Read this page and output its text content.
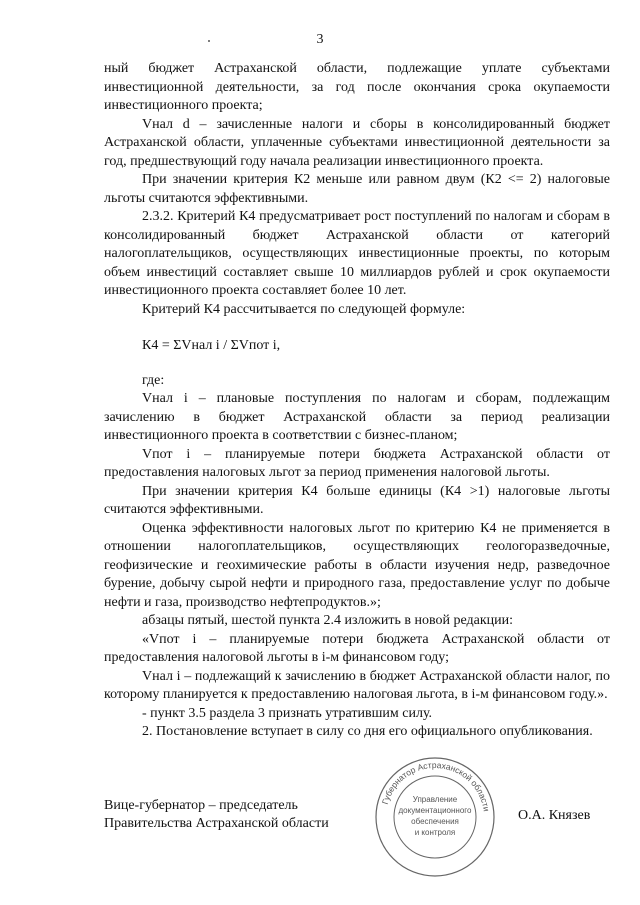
3

ный бюджет Астраханской области, подлежащие уплате субъектами инвестиционной деятельности, за год после окончания срока окупаемости инвестиционного проекта;

Vнал d – зачисленные налоги и сборы в консолидированный бюджет Астраханской области, уплаченные субъектами инвестиционной деятельности за год, предшествующий году начала реализации инвестиционного проекта.

При значении критерия К2 меньше или равном двум (К2 <= 2) налоговые льготы считаются эффективными.

2.3.2. Критерий К4 предусматривает рост поступлений по налогам и сборам в консолидированный бюджет Астраханской области от категорий налогоплательщиков, осуществляющих инвестиционные проекты, по которым объем инвестиций составляет свыше 10 миллиардов рублей и срок окупаемости инвестиционного проекта составляет более 10 лет.

Критерий К4 рассчитывается по следующей формуле:

К4 = ΣVнал i / ΣVпот i,

где:

Vнал i – плановые поступления по налогам и сборам, подлежащим зачислению в бюджет Астраханской области за период реализации инвестиционного проекта в соответствии с бизнес-планом;

Vпот i – планируемые потери бюджета Астраханской области от предоставления налоговых льгот за период применения налоговой льготы.

При значении критерия К4 больше единицы (К4 >1) налоговые льготы считаются эффективными.

Оценка эффективности налоговых льгот по критерию К4 не применяется в отношении налогоплательщиков, осуществляющих геологоразведочные, геофизические и геохимические работы в области изучения недр, разведочное бурение, добычу сырой нефти и природного газа, предоставление услуг по добыче нефти и газа, производство нефтепродуктов.»;

абзацы пятый, шестой пункта 2.4 изложить в новой редакции:

«Vпот i – планируемые потери бюджета Астраханской области от предоставления налоговой льготы в i-м финансовом году;

Vнал i – подлежащий к зачислению в бюджет Астраханской области налог, по которому планируется к предоставлению налоговая льгота, в i-м финансовом году.».

- пункт 3.5 раздела 3 признать утратившим силу.

2. Постановление вступает в силу со дня его официального опубликования.

Вице-губернатор – председатель
Правительства Астраханской области
Губернатор Астраханской области
Управление
документационного
обеспечения
и контроля
О.А. Князев
